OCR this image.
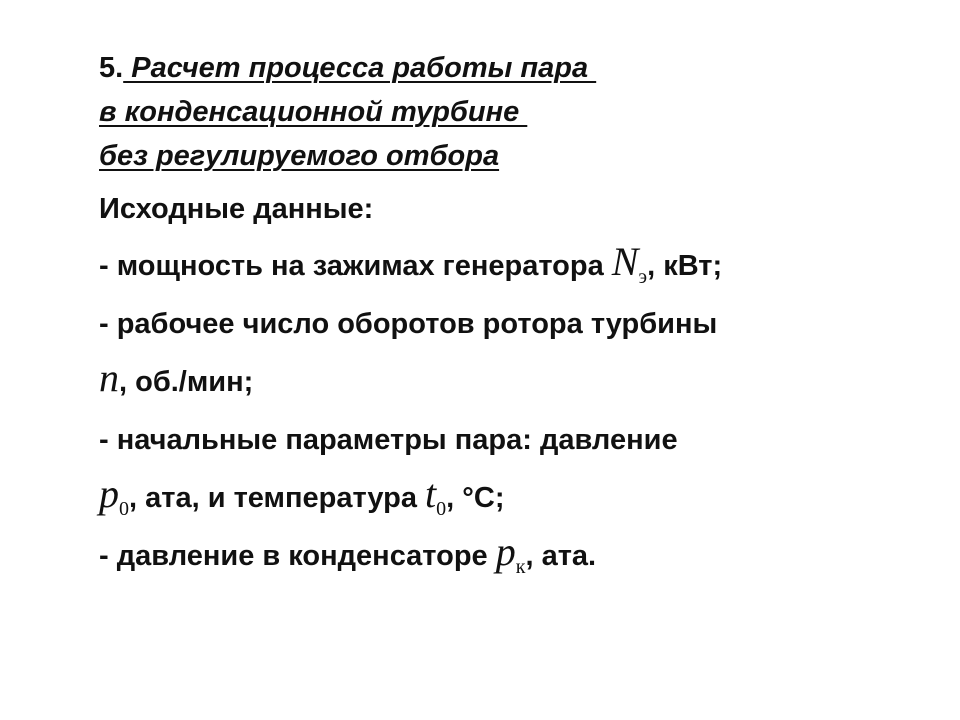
5. Расчет процесса работы пара

в конденсационной турбине

без регулируемого отбора

Исходные данные:

- мощность на зажимах генератора $N_э$, кВт;

- рабочее число оборотов ротора турбины
n, об./мин;

- начальные параметры пара: давление
$p_0$, ата, и температура $t_0$, °С;

- давление в конденсаторе $p_к$, ата.
